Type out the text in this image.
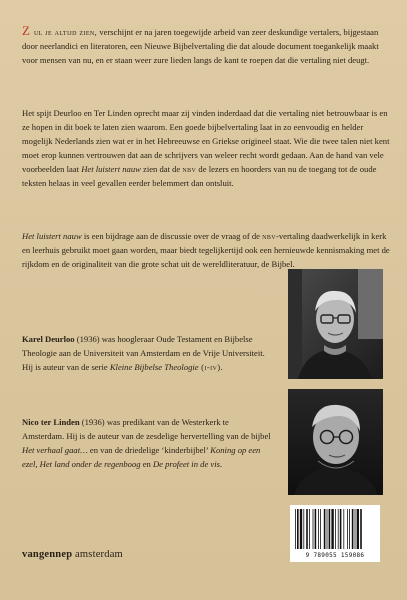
Zul je altijd zien, verschijnt er na jaren toegewijde arbeid van zeer deskundige vertalers, bijgestaan door neerlandici en literatoren, een Nieuwe Bijbelvertaling die dat aloude document toegankelijk maakt voor mensen van nu, en er staan weer zure lieden langs de kant te roepen dat die vertaling niet deugt.

Het spijt Deurloo en Ter Linden oprecht maar zij vinden inderdaad dat die vertaling niet betrouwbaar is en ze hopen in dit boek te laten zien waarom. Een goede bijbelvertaling laat in zo eenvoudig en helder mogelijk Nederlands zien wat er in het Hebreeuwse en Griekse origineel staat. Wie die twee talen niet kent moet erop kunnen vertrouwen dat aan de schrijvers van weleer recht wordt gedaan. Aan de hand van vele voorbeelden laat Het luistert nauw zien dat de nbv de lezers en hoorders van nu de toegang tot de oude teksten helaas in veel gevallen eerder belemmert dan ontsluit.

Het luistert nauw is een bijdrage aan de discussie over de vraag of de nbv-vertaling daadwerkelijk in kerk en leerhuis gebruikt moet gaan worden, maar biedt tegelijkertijd ook een hernieuwde kennismaking met de rijkdom en de originaliteit van die grote schat uit de wereldliteratuur, de Bijbel.

Karel Deurloo (1936) was hoogleraar Oude Testament en Bijbelse Theologie aan de Universiteit van Amsterdam en de Vrije Universiteit. Hij is auteur van de serie Kleine Bijbelse Theologie (i-iv).

Nico ter Linden (1936) was predikant van de Westerkerk te Amsterdam. Hij is de auteur van de zesdelige hervertelling van de bijbel Het verhaal gaat… en van de driedelige ‘kinderbijbel’ Koning op een ezel, Het land onder de regenboog en De profeet in de vis.

9 789055 159086
vangennep amsterdam
